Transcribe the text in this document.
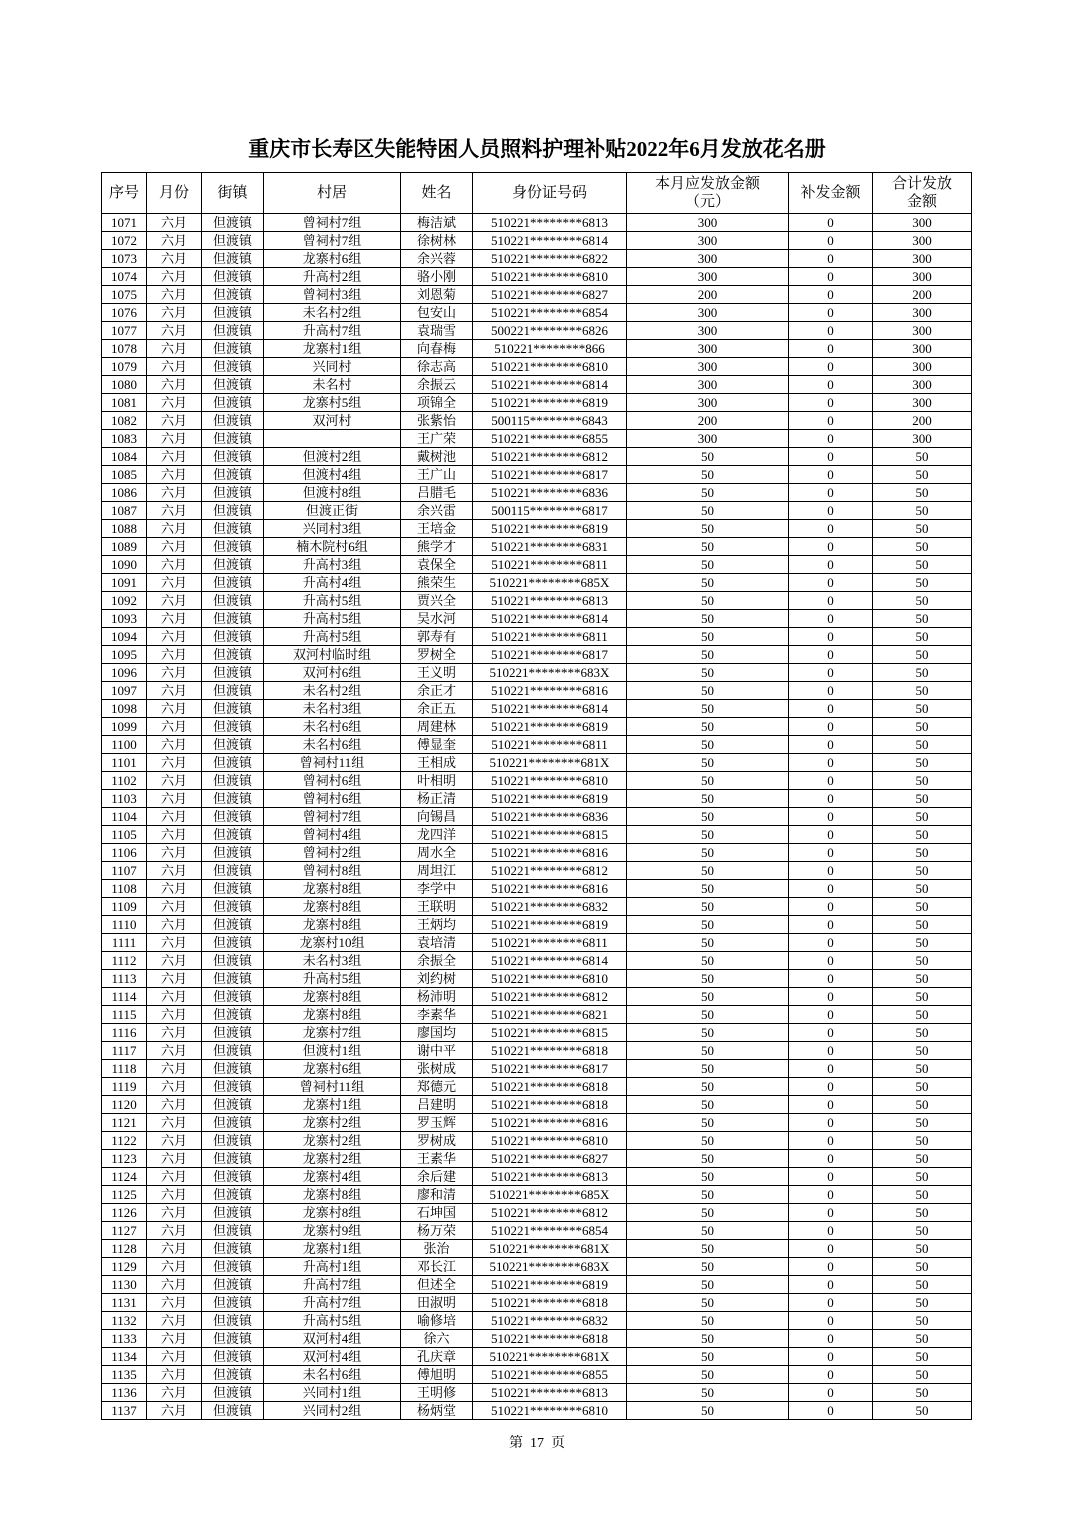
重庆市长寿区失能特困人员照料护理补贴2022年6月发放花名册
序号	月份	街镇	村居	姓名	身份证号码	本月应发放金额（元）	补发金额	合计发放金额
1071	六月	但渡镇	曾祠村7组	梅洁斌	510221********6813	300	0	300
1072	六月	但渡镇	曾祠村7组	徐树林	510221********6814	300	0	300
1073	六月	但渡镇	龙寨村6组	余兴蓉	510221********6822	300	0	300
1074	六月	但渡镇	升高村2组	骆小刚	510221********6810	300	0	300
1075	六月	但渡镇	曾祠村3组	刘恩菊	510221********6827	200	0	200
1076	六月	但渡镇	未名村2组	包安山	510221********6854	300	0	300
1077	六月	但渡镇	升高村7组	袁瑞雪	500221********6826	300	0	300
1078	六月	但渡镇	龙寨村1组	向春梅	510221********866	300	0	300
1079	六月	但渡镇	兴同村	徐志高	510221********6810	300	0	300
1080	六月	但渡镇	未名村	余振云	510221********6814	300	0	300
1081	六月	但渡镇	龙寨村5组	项锦全	510221********6819	300	0	300
1082	六月	但渡镇	双河村	张紫怡	500115********6843	200	0	200
1083	六月	但渡镇		王广荣	510221********6855	300	0	300
1084	六月	但渡镇	但渡村2组	戴树池	510221********6812	50	0	50
1085	六月	但渡镇	但渡村4组	王广山	510221********6817	50	0	50
1086	六月	但渡镇	但渡村8组	吕腊毛	510221********6836	50	0	50
1087	六月	但渡镇	但渡正街	余兴雷	500115********6817	50	0	50
1088	六月	但渡镇	兴同村3组	王培金	510221********6819	50	0	50
1089	六月	但渡镇	楠木院村6组	熊学才	510221********6831	50	0	50
1090	六月	但渡镇	升高村3组	袁保全	510221********6811	50	0	50
1091	六月	但渡镇	升高村4组	熊荣生	510221********685X	50	0	50
1092	六月	但渡镇	升高村5组	贾兴全	510221********6813	50	0	50
1093	六月	但渡镇	升高村5组	吴水河	510221********6814	50	0	50
1094	六月	但渡镇	升高村5组	郭寿有	510221********6811	50	0	50
1095	六月	但渡镇	双河村临时组	罗树全	510221********6817	50	0	50
1096	六月	但渡镇	双河村6组	王义明	510221********683X	50	0	50
1097	六月	但渡镇	未名村2组	余正才	510221********6816	50	0	50
1098	六月	但渡镇	未名村3组	余正五	510221********6814	50	0	50
1099	六月	但渡镇	未名村6组	周建林	510221********6819	50	0	50
1100	六月	但渡镇	未名村6组	傅显奎	510221********6811	50	0	50
1101	六月	但渡镇	曾祠村11组	王相成	510221********681X	50	0	50
1102	六月	但渡镇	曾祠村6组	叶相明	510221********6810	50	0	50
1103	六月	但渡镇	曾祠村6组	杨正清	510221********6819	50	0	50
1104	六月	但渡镇	曾祠村7组	向锡昌	510221********6836	50	0	50
1105	六月	但渡镇	曾祠村4组	龙四洋	510221********6815	50	0	50
1106	六月	但渡镇	曾祠村2组	周水全	510221********6816	50	0	50
1107	六月	但渡镇	曾祠村8组	周坦江	510221********6812	50	0	50
1108	六月	但渡镇	龙寨村8组	李学中	510221********6816	50	0	50
1109	六月	但渡镇	龙寨村8组	王联明	510221********6832	50	0	50
1110	六月	但渡镇	龙寨村8组	王炳均	510221********6819	50	0	50
1111	六月	但渡镇	龙寨村10组	袁培清	510221********6811	50	0	50
1112	六月	但渡镇	未名村3组	余振全	510221********6814	50	0	50
1113	六月	但渡镇	升高村5组	刘约树	510221********6810	50	0	50
1114	六月	但渡镇	龙寨村8组	杨沛明	510221********6812	50	0	50
1115	六月	但渡镇	龙寨村8组	李素华	510221********6821	50	0	50
1116	六月	但渡镇	龙寨村7组	廖国均	510221********6815	50	0	50
1117	六月	但渡镇	但渡村1组	谢中平	510221********6818	50	0	50
1118	六月	但渡镇	龙寨村6组	张树成	510221********6817	50	0	50
1119	六月	但渡镇	曾祠村11组	郑德元	510221********6818	50	0	50
1120	六月	但渡镇	龙寨村1组	吕建明	510221********6818	50	0	50
1121	六月	但渡镇	龙寨村2组	罗玉辉	510221********6816	50	0	50
1122	六月	但渡镇	龙寨村2组	罗树成	510221********6810	50	0	50
1123	六月	但渡镇	龙寨村2组	王素华	510221********6827	50	0	50
1124	六月	但渡镇	龙寨村4组	余后建	510221********6813	50	0	50
1125	六月	但渡镇	龙寨村8组	廖和清	510221********685X	50	0	50
1126	六月	但渡镇	龙寨村8组	石坤国	510221********6812	50	0	50
1127	六月	但渡镇	龙寨村9组	杨万荣	510221********6854	50	0	50
1128	六月	但渡镇	龙寨村1组	张治	510221********681X	50	0	50
1129	六月	但渡镇	升高村1组	邓长江	510221********683X	50	0	50
1130	六月	但渡镇	升高村7组	但述全	510221********6819	50	0	50
1131	六月	但渡镇	升高村7组	田淑明	510221********6818	50	0	50
1132	六月	但渡镇	升高村5组	喻修培	510221********6832	50	0	50
1133	六月	但渡镇	双河村4组	徐六	510221********6818	50	0	50
1134	六月	但渡镇	双河村4组	孔庆章	510221********681X	50	0	50
1135	六月	但渡镇	未名村6组	傅旭明	510221********6855	50	0	50
1136	六月	但渡镇	兴同村1组	王明修	510221********6813	50	0	50
1137	六月	但渡镇	兴同村2组	杨炳堂	510221********6810	50	0	50
第  17  页
